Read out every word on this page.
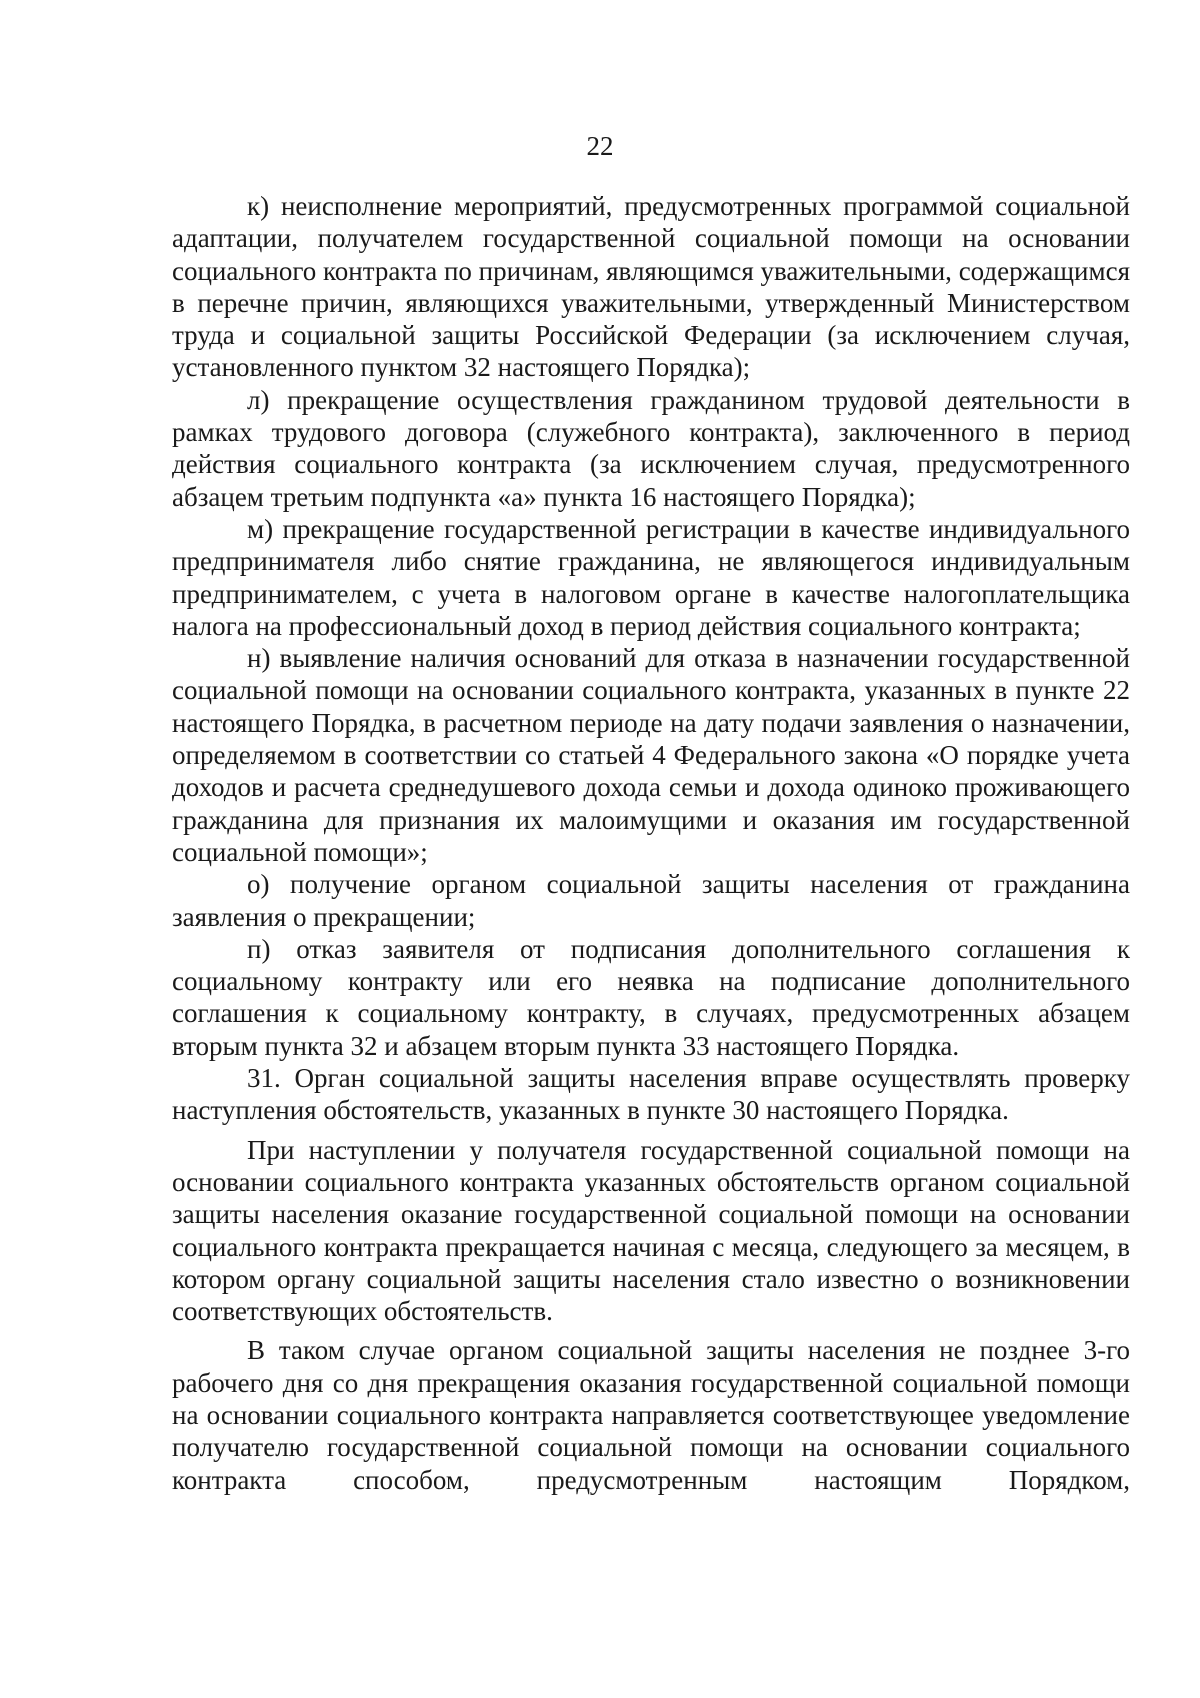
22

к) неисполнение мероприятий, предусмотренных программой социальной адаптации, получателем государственной социальной помощи на основании социального контракта по причинам, являющимся уважительными, содержащимся в перечне причин, являющихся уважительными, утвержденный Министерством труда и социальной защиты Российской Федерации (за исключением случая, установленного пунктом 32 настоящего Порядка);

л) прекращение осуществления гражданином трудовой деятельности в рамках трудового договора (служебного контракта), заключенного в период действия социального контракта (за исключением случая, предусмотренного абзацем третьим подпункта «а» пункта 16 настоящего Порядка);

м) прекращение государственной регистрации в качестве индивидуального предпринимателя либо снятие гражданина, не являющегося индивидуальным предпринимателем, с учета в налоговом органе в качестве налогоплательщика налога на профессиональный доход в период действия социального контракта;

н) выявление наличия оснований для отказа в назначении государственной социальной помощи на основании социального контракта, указанных в пункте 22 настоящего Порядка, в расчетном периоде на дату подачи заявления о назначении, определяемом в соответствии со статьей 4 Федерального закона «О порядке учета доходов и расчета среднедушевого дохода семьи и дохода одиноко проживающего гражданина для признания их малоимущими и оказания им государственной социальной помощи»;

о) получение органом социальной защиты населения от гражданина заявления о прекращении;

п) отказ заявителя от подписания дополнительного соглашения к социальному контракту или его неявка на подписание дополнительного соглашения к социальному контракту, в случаях, предусмотренных абзацем вторым пункта 32 и абзацем вторым пункта 33 настоящего Порядка.

31. Орган социальной защиты населения вправе осуществлять проверку наступления обстоятельств, указанных в пункте 30 настоящего Порядка.

При наступлении у получателя государственной социальной помощи на основании социального контракта указанных обстоятельств органом социальной защиты населения оказание государственной социальной помощи на основании социального контракта прекращается начиная с месяца, следующего за месяцем, в котором органу социальной защиты населения стало известно о возникновении соответствующих обстоятельств.

В таком случае органом социальной защиты населения не позднее 3-го рабочего дня со дня прекращения оказания государственной социальной помощи на основании социального контракта направляется соответствующее уведомление получателю государственной социальной помощи на основании социального контракта способом, предусмотренным настоящим Порядком,
